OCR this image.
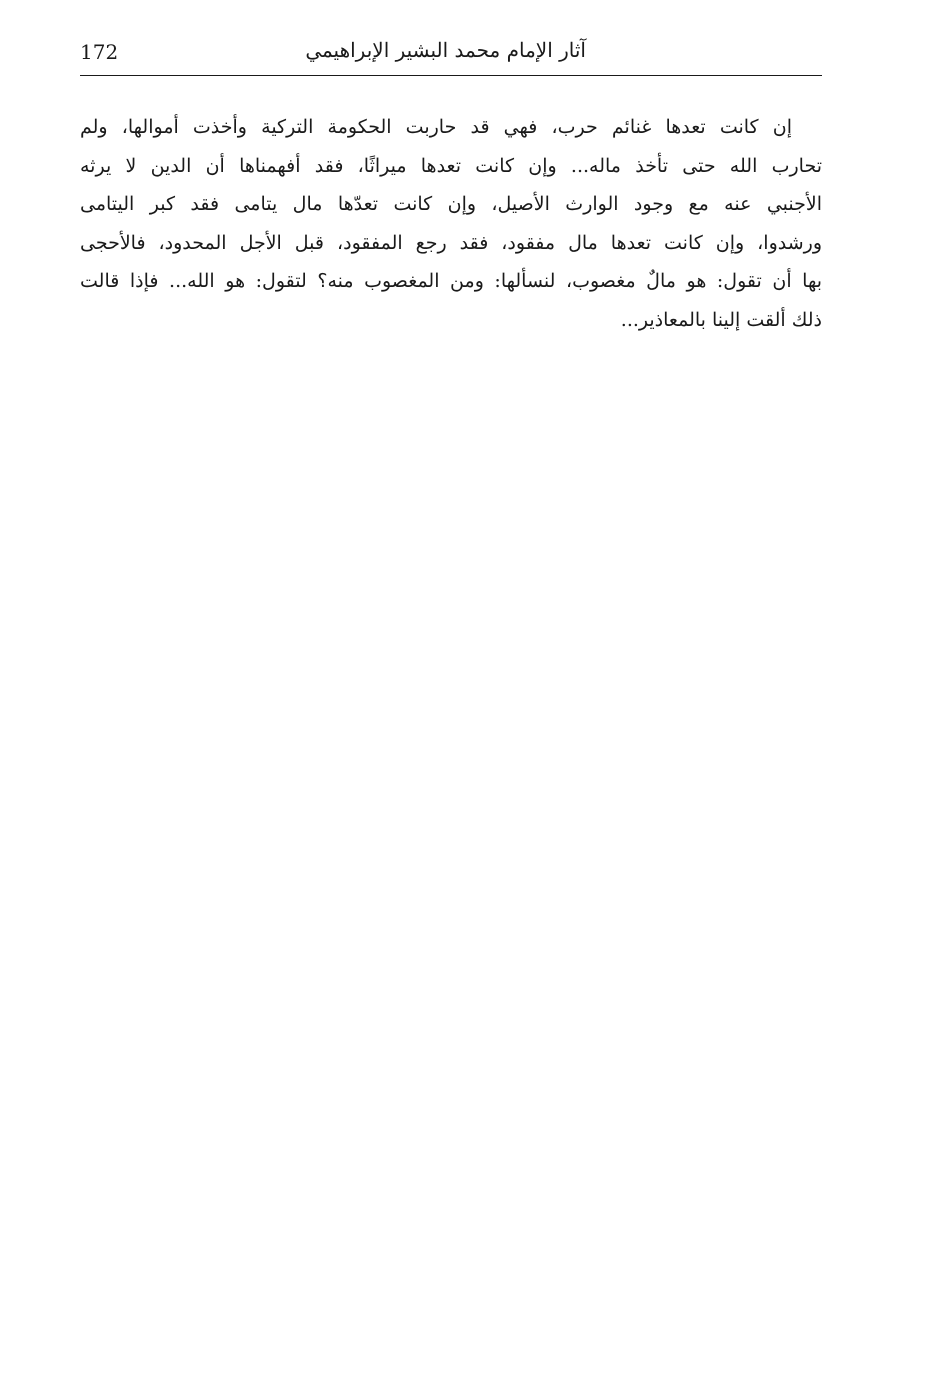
172	آثار الإمام محمد البشير الإبراهيمي
إن كانت تعدها غنائم حرب، فهي قد حاربت الحكومة التركية وأخذت أموالها، ولم
تحارب الله حتى تأخذ ماله... وإن كانت تعدها ميراثًا، فقد أفهمناها أن الدين لا يرثه
الأجنبي عنه مع وجود الوارث الأصيل، وإن كانت تعدّها مال يتامى فقد كبر اليتامى
ورشدوا، وإن كانت تعدها مال مفقود، فقد رجع المفقود، قبل الأجل المحدود، فالأحجى
بها أن تقول: هو مالٌ مغصوب، لنسألها: ومن المغصوب منه؟ لتقول: هو الله... فإذا قالت
ذلك ألقت إلينا بالمعاذير...
